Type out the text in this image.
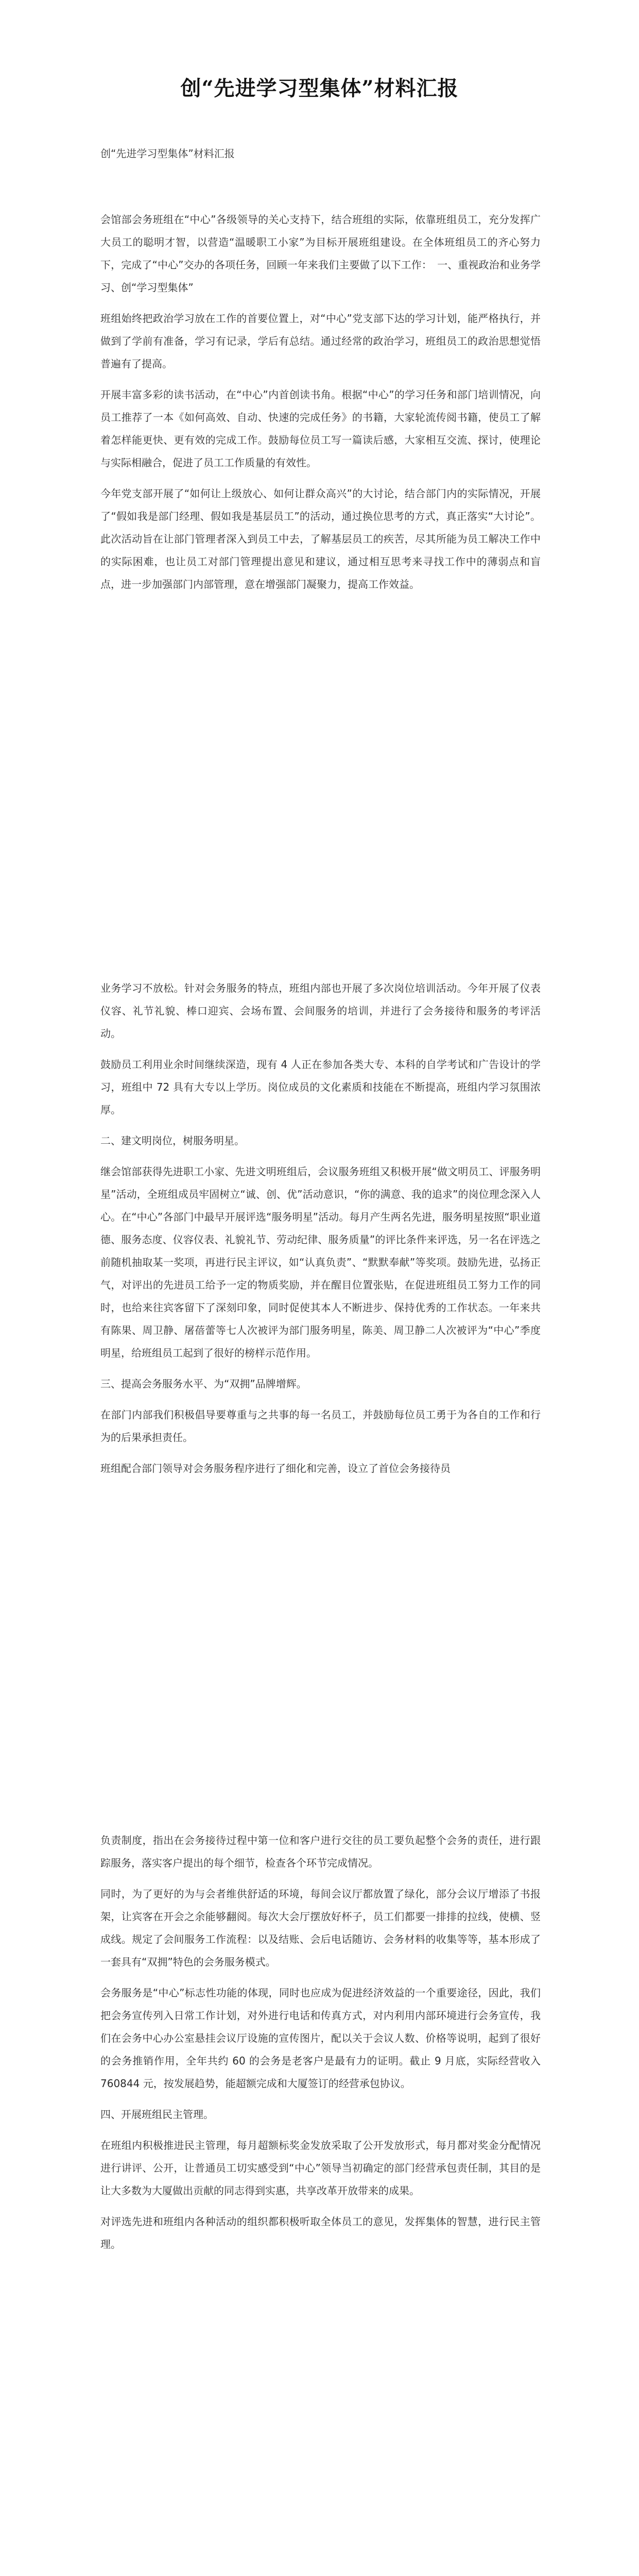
创“先进学习型集体”材料汇报
创“先进学习型集体”材料汇报

会馆部会务班组在“中心”各级领导的关心支持下，结合班组的实际，依靠班组员工，充分发挥广大员工的聪明才智，以营造“温暖职工小家”为目标开展班组建设。在全体班组员工的齐心努力下，完成了“中心”交办的各项任务，回顾一年来我们主要做了以下工作：　一、重视政治和业务学习、创“学习型集体”

班组始终把政治学习放在工作的首要位置上，对“中心”党支部下达的学习计划，能严格执行，并做到了学前有准备，学习有记录，学后有总结。通过经常的政治学习，班组员工的政治思想觉悟普遍有了提高。

开展丰富多彩的读书活动，在“中心”内首创读书角。根据“中心”的学习任务和部门培训情况，向员工推荐了一本《如何高效、自动、快速的完成任务》的书籍，大家轮流传阅书籍，使员工了解着怎样能更快、更有效的完成工作。鼓励每位员工写一篇读后感，大家相互交流、探讨，使理论与实际相融合，促进了员工工作质量的有效性。

今年党支部开展了“如何让上级放心、如何让群众高兴”的大讨论，结合部门内的实际情况，开展了“假如我是部门经理、假如我是基层员工”的活动，通过换位思考的方式，真正落实“大讨论”。此次活动旨在让部门管理者深入到员工中去，了解基层员工的疾苦，尽其所能为员工解决工作中的实际困难，也让员工对部门管理提出意见和建议，通过相互思考来寻找工作中的薄弱点和盲点，进一步加强部门内部管理，意在增强部门凝聚力，提高工作效益。

业务学习不放松。针对会务服务的特点，班组内部也开展了多次岗位培训活动。今年开展了仪表仪容、礼节礼貌、棒口迎宾、会场布置、会间服务的培训，并进行了会务接待和服务的考评活动。

鼓励员工利用业余时间继续深造，现有 4 人正在参加各类大专、本科的自学考试和广告设计的学习，班组中 72 具有大专以上学历。岗位成员的文化素质和技能在不断提高，班组内学习氛围浓厚。

二、建文明岗位，树服务明星。

继会馆部获得先进职工小家、先进文明班组后，会议服务班组又积极开展“做文明员工、评服务明星”活动，全班组成员牢固树立“诚、创、优”活动意识，“你的满意、我的追求”的岗位理念深入人心。在“中心”各部门中最早开展评选“服务明星”活动。每月产生两名先进，服务明星按照“职业道德、服务态度、仪容仪表、礼貌礼节、劳动纪律、服务质量”的评比条件来评选，另一名在评选之前随机抽取某一奖项，再进行民主评议，如“认真负责”、“默默奉献”等奖项。鼓励先进，弘扬正气，对评出的先进员工给予一定的物质奖励，并在醒目位置张贴，在促进班组员工努力工作的同时，也给来往宾客留下了深刻印象，同时促使其本人不断进步、保持优秀的工作状态。一年来共有陈果、周卫静、屠蓓蕾等七人次被评为部门服务明星，陈美、周卫静二人次被评为“中心”季度明星，给班组员工起到了很好的榜样示范作用。

三、提高会务服务水平、为“双拥”品牌增辉。

在部门内部我们积极倡导要尊重与之共事的每一名员工，并鼓励每位员工勇于为各自的工作和行为的后果承担责任。

班组配合部门领导对会务服务程序进行了细化和完善，设立了首位会务接待员

负责制度，指出在会务接待过程中第一位和客户进行交往的员工要负起整个会务的责任，进行跟踪服务，落实客户提出的每个细节，检查各个环节完成情况。

同时，为了更好的为与会者维供舒适的环境，每间会议厅都放置了绿化，部分会议厅增添了书报架，让宾客在开会之余能够翻阅。每次大会厅摆放好杯子，员工们都要一排排的拉线，使横、竖成线。规定了会间服务工作流程：以及结账、会后电话随访、会务材料的收集等等，基本形成了一套具有“双拥”特色的会务服务模式。

会务服务是“中心”标志性功能的体现，同时也应成为促进经济效益的一个重要途径，因此，我们把会务宣传列入日常工作计划，对外进行电话和传真方式，对内利用内部环境进行会务宣传，我们在会务中心办公室悬挂会议厅设施的宣传图片，配以关于会议人数、价格等说明，起到了很好的会务推销作用，全年共约 60 的会务是老客户是最有力的证明。截止 9 月底，实际经营收入 760844 元，按发展趋势，能超额完成和大厦签订的经营承包协议。

四、开展班组民主管理。

在班组内积极推进民主管理，每月超额标奖金发放采取了公开发放形式，每月都对奖金分配情况进行讲评、公开，让普通员工切实感受到“中心”领导当初确定的部门经营承包责任制，其目的是让大多数为大厦做出贡献的同志得到实惠，共享改革开放带来的成果。

对评选先进和班组内各种活动的组织都积极听取全体员工的意见，发挥集体的智慧，进行民主管理。
